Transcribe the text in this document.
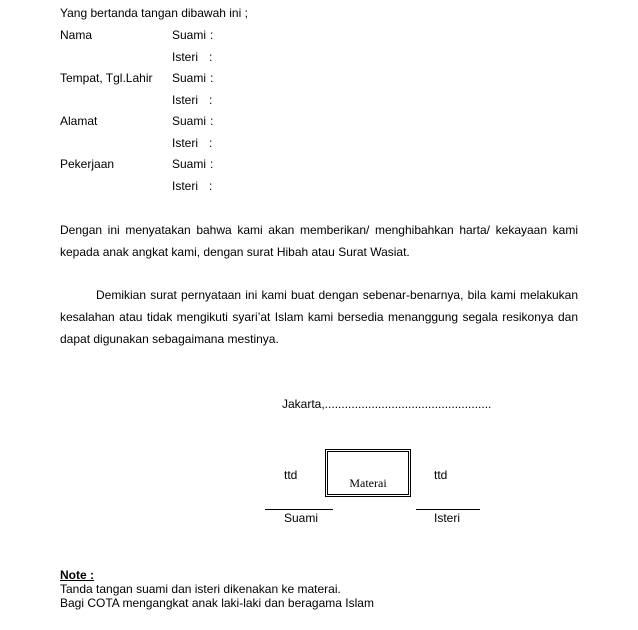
Yang bertanda tangan dibawah ini ;
Nama	Suami :
Isteri :
Tempat, Tgl.Lahir Suami :
Isteri :
Alamat	Suami :
Isteri :
Pekerjaan	Suami :
Isteri :
Dengan ini menyatakan bahwa kami akan memberikan/ menghibahkan harta/ kekayaan kami kepada anak angkat kami, dengan surat Hibah atau Surat Wasiat.
Demikian surat pernyataan ini kami buat dengan sebenar-benarnya, bila kami melakukan kesalahan atau tidak mengikuti syari’at Islam kami bersedia menanggung segala resikonya dan dapat digunakan sebagaimana mestinya.
Jakarta,..................................................
ttd	ttd
Materai
Suami	Isteri
Note :
Tanda tangan suami dan isteri dikenakan ke materai.
Bagi COTA mengangkat anak laki-laki dan beragama Islam
